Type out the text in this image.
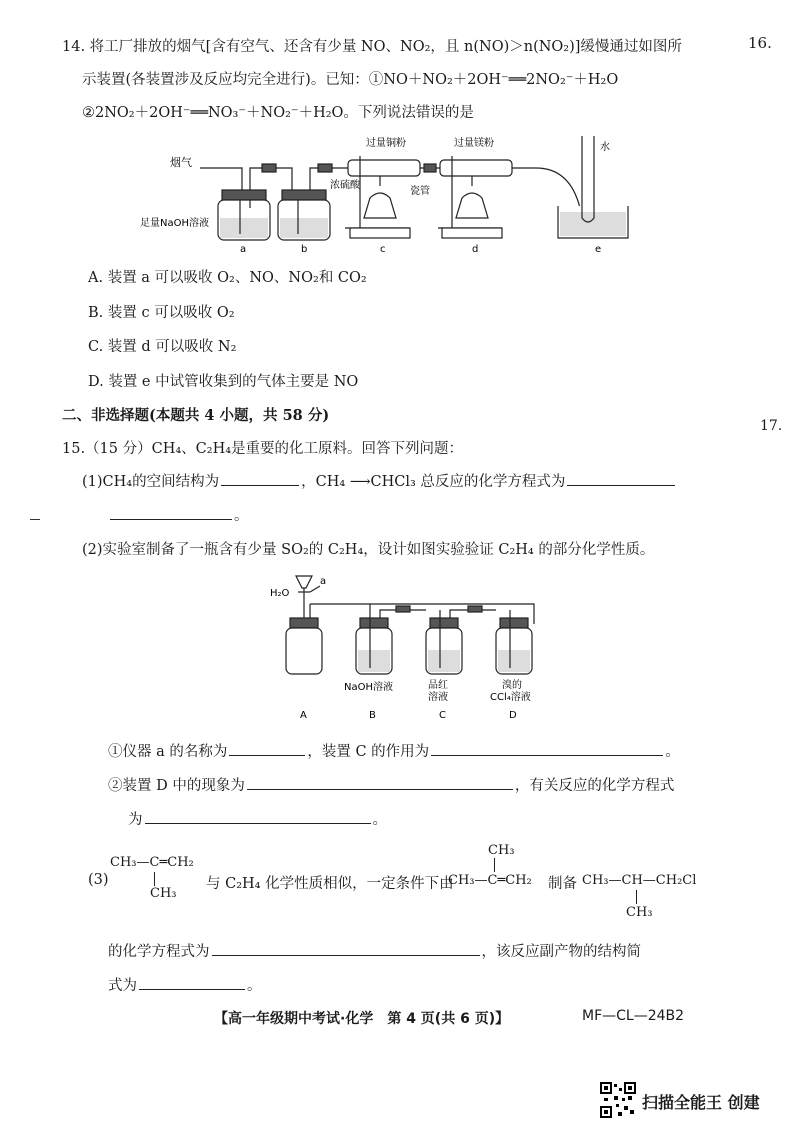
16.
17.
14. 将工厂排放的烟气[含有空气、还含有少量 NO、NO₂，且 n(NO)＞n(NO₂)]缓慢通过如图所
示装置(各装置涉及反应均完全进行)。已知：①NO＋NO₂＋2OH⁻══2NO₂⁻＋H₂O
②2NO₂＋2OH⁻══NO₃⁻＋NO₂⁻＋H₂O。下列说法错误的是
烟气
足量NaOH溶液
浓硫酸
过量铜粉	过量镁粉
瓷管
水
a	b	c	d	e
A. 装置 a 可以吸收 O₂、NO、NO₂和 CO₂
B. 装置 c 可以吸收 O₂
C. 装置 d 可以吸收 N₂
D. 装置 e 中试管收集到的气体主要是 NO
二、非选择题(本题共 4 小题，共 58 分)
15.（15 分）CH₄、C₂H₄是重要的化工原料。回答下列问题：
(1)CH₄的空间结构为	，CH₄ ⟶CHCl₃ 总反应的化学方程式为
。
(2)实验室制备了一瓶含有少量 SO₂的 C₂H₄，设计如图实验验证 C₂H₄ 的部分化学性质。
H₂O
a
NaOH溶液	品红
溶液
溴的
CCl₄溶液
A	B	C	D
①仪器 a 的名称为	，装置 C 的作用为	。
②装置 D 中的现象为	，有关反应的化学方程式
为	。
(3)
CH₃—C═CH₂
CH₃
与 C₂H₄ 化学性质相似，一定条件下由
CH₃
CH₃—C═CH₂ 制备 CH₃—CH—CH₂Cl
CH₃
的化学方程式为	，该反应副产物的结构简
式为	。
【高一年级期中考试·化学　第 4 页(共 6 页)】	MF—CL—24B2
扫描全能王 创建
